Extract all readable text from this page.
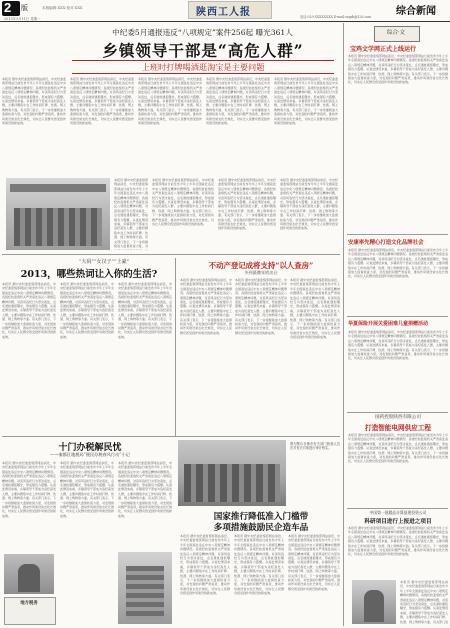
2 版
2013年3月11日 星期一
本版编辑:XXX 校对:XXX	陕西工人报	电话:029-XXXXXXXX E-mail:sxgrb@126.com 综合新闻
中纪委5月通报违反“八项规定”案件256起 曝光361人
乡镇领导干部是“高危人群”
上班时打牌喝酒逛淘宝是主要问题
本报讯 据中央纪委监察部网站消息，中央纪委监察部网站日前发布今年上半年全国查处违反中央八项规定精神问题情况。各级纪检监察机关严肃查处违反八项规定精神问题，对顶风违纪行为坚决查处，点名道姓通报曝光，形成强有力震慑。从查处情况来看，乡镇领导干部成为违纪高发人群，主要问题集中在工作时间打牌、饮酒、网上购物等方面。有关部门表示，下一步将继续加大监督检查力度，对发现的问题严肃追责，推动作风建设常态化长效化，切实让人民群众感受到作风建设的新成效。
本报讯 据中央纪委监察部网站消息，中央纪委监察部网站日前发布今年上半年全国查处违反中央八项规定精神问题情况。各级纪检监察机关严肃查处违反八项规定精神问题，对顶风违纪行为坚决查处，点名道姓通报曝光，形成强有力震慑。从查处情况来看，乡镇领导干部成为违纪高发人群，主要问题集中在工作时间打牌、饮酒、网上购物等方面。有关部门表示，下一步将继续加大监督检查力度，对发现的问题严肃追责，推动作风建设常态化长效化，切实让人民群众感受到作风建设的新成效。
本报讯 据中央纪委监察部网站消息，中央纪委监察部网站日前发布今年上半年全国查处违反中央八项规定精神问题情况。各级纪检监察机关严肃查处违反八项规定精神问题，对顶风违纪行为坚决查处，点名道姓通报曝光，形成强有力震慑。从查处情况来看，乡镇领导干部成为违纪高发人群，主要问题集中在工作时间打牌、饮酒、网上购物等方面。有关部门表示，下一步将继续加大监督检查力度，对发现的问题严肃追责，推动作风建设常态化长效化，切实让人民群众感受到作风建设的新成效。
本报讯 据中央纪委监察部网站消息，中央纪委监察部网站日前发布今年上半年全国查处违反中央八项规定精神问题情况。各级纪检监察机关严肃查处违反八项规定精神问题，对顶风违纪行为坚决查处，点名道姓通报曝光，形成强有力震慑。从查处情况来看，乡镇领导干部成为违纪高发人群，主要问题集中在工作时间打牌、饮酒、网上购物等方面。有关部门表示，下一步将继续加大监督检查力度，对发现的问题严肃追责，推动作风建设常态化长效化，切实让人民群众感受到作风建设的新成效。
本报讯 据中央纪委监察部网站消息，中央纪委监察部网站日前发布今年上半年全国查处违反中央八项规定精神问题情况。各级纪检监察机关严肃查处违反八项规定精神问题，对顶风违纪行为坚决查处，点名道姓通报曝光，形成强有力震慑。从查处情况来看，乡镇领导干部成为违纪高发人群，主要问题集中在工作时间打牌、饮酒、网上购物等方面。有关部门表示，下一步将继续加大监督检查力度，对发现的问题严肃追责，推动作风建设常态化长效化，切实让人民群众感受到作风建设的新成效。
本报讯 据中央纪委监察部网站消息，中央纪委监察部网站日前发布今年上半年全国查处违反中央八项规定精神问题情况。各级纪检监察机关严肃查处违反八项规定精神问题，对顶风违纪行为坚决查处，点名道姓通报曝光，形成强有力震慑。从查处情况来看，乡镇领导干部成为违纪高发人群，主要问题集中在工作时间打牌、饮酒、网上购物等方面。有关部门表示，下一步将继续加大监督检查力度，对
本报讯 据中央纪委监察部网站消息，中央纪委监察部网站日前发布今年上半年全国查处违反中央八项规定精神问题情况。各级纪检监察机关严肃查处违反八项规定精神问题，对顶风违纪行为坚决查处，点名道姓通报曝光，形成强有力震慑。从查处情况来看，乡镇领导干部成为违纪高发人群，主要问题集中在工作时间打牌、饮酒、网上购物等方面。有关部门表示，下一步将继续加大监督检查力度，对发现的问题严肃追责，推动作风建设常态化长效化，切实让人民群众感受到作风建设的新成效。
本报讯 据中央纪委监察部网站消息，中央纪委监察部网站日前发布今年上半年全国查处违反中央八项规定精神问题情况。各级纪检监察机关严肃查处违反八项规定精神问题，对顶风违纪行为坚决查处，点名道姓通报曝光，形成强有力震慑。从查处情况来看，乡镇领导干部成为违纪高发人群，主要问题集中在工作时间打牌、饮酒、网上购物等方面。有关部门表示，下一步将继续加大监督检查力度，对发现的问题严肃追责，推动作风建设常态化长效化，切实让人民群众感受到作风建设的新成效。
本报讯 据中央纪委监察部网站消息，中央纪委监察部网站日前发布今年上半年全国查处违反中央八项规定精神问题情况。各级纪检监察机关严肃查处违反八项规定精神问题，对顶风违纪行为坚决查处，点名道姓通报曝光，形成强有力震慑。从查处情况来看，乡镇领导干部成为违纪高发人群，主要问题集中在工作时间打牌、饮酒、网上购物等方面。有关部门表示，下一步将继续加大监督检查力度，对发现的问题严肃追责，推动作风建设常态化长效化，切实让人民群众感受到作风建设的新成效。
“大码”“女汉子”“土豪”
2013，哪些热词让入你的生活?
本报讯 据中央纪委监察部网站消息，中央纪委监察部网站日前发布今年上半年全国查处违反中央八项规定精神问题情况。各级纪检监察机关严肃查处违反八项规定精神问题，对顶风违纪行为坚决查处，点名道姓通报曝光，形成强有力震慑。从查处情况来看，乡镇领导干部成为违纪高发人群，主要问题集中在工作时间打牌、饮酒、网上购物等方面。有关部门表示，下一步将继续加大监督检查力度，对发现的问题严肃追责，推动作风建设常态化长效化，切实让人民群众感受到作风建设的新成效。
本报讯 据中央纪委监察部网站消息，中央纪委监察部网站日前发布今年上半年全国查处违反中央八项规定精神问题情况。各级纪检监察机关严肃查处违反八项规定精神问题，对顶风违纪行为坚决查处，点名道姓通报曝光，形成强有力震慑。从查处情况来看，乡镇领导干部成为违纪高发人群，主要问题集中在工作时间打牌、饮酒、网上购物等方面。有关部门表示，下一步将继续加大监督检查力度，对发现的问题严肃追责，推动作风建设常态化长效化，切实让人民群众感受到作风建设的新成效。
本报讯 据中央纪委监察部网站消息，中央纪委监察部网站日前发布今年上半年全国查处违反中央八项规定精神问题情况。各级纪检监察机关严肃查处违反八项规定精神问题，对顶风违纪行为坚决查处，点名道姓通报曝光，形成强有力震慑。从查处情况来看，乡镇领导干部成为违纪高发人群，主要问题集中在工作时间打牌、饮酒、网上购物等方面。有关部门表示，下一步将继续加大监督检查力度，对发现的问题严肃追责，推动作风建设常态化长效化，切实让人民群众感受到作风建设的新成效。
不动产登记成将支持“以人查房”
多到最微年底出台
本报讯 据中央纪委监察部网站消息，中央纪委监察部网站日前发布今年上半年全国查处违反中央八项规定精神问题情况。各级纪检监察机关严肃查处违反八项规定精神问题，对顶风违纪行为坚决查处，点名道姓通报曝光，形成强有力震慑。从查处情况来看，乡镇领导干部成为违纪高发人群，主要问题集中在工作时间打牌、饮酒、网上购物等方面。有关部门表示，下一步将继续加大监督检查力度，对发现的问题严肃追责，推动作风建设常态化长效化，切实让人民群众感受到作风建设的新成效。
本报讯 据中央纪委监察部网站消息，中央纪委监察部网站日前发布今年上半年全国查处违反中央八项规定精神问题情况。各级纪检监察机关严肃查处违反八项规定精神问题，对顶风违纪行为坚决查处，点名道姓通报曝光，形成强有力震慑。从查处情况来看，乡镇领导干部成为违纪高发人群，主要问题集中在工作时间打牌、饮酒、网上购物等方面。有关部门表示，下一步将继续加大监督检查力度，对发现的问题严肃追责，推动作风建设常态化长效化，切实让人民群众感受到作风建设的新成效。
本报讯 据中央纪委监察部网站消息，中央纪委监察部网站日前发布今年上半年全国查处违反中央八项规定精神问题情况。各级纪检监察机关严肃查处违反八项规定精神问题，对顶风违纪行为坚决查处，点名道姓通报曝光，形成强有力震慑。从查处情况来看，乡镇领导干部成为违纪高发人群，主要问题集中在工作时间打牌、饮酒、网上购物等方面。有关部门表示，下一步将继续加大监督检查力度，对发现的问题严肃追责，推动作风建设常态化长效化，切实让人民群众感受到作风建设的新成效。
十门办税解民忧
——秦都区地税局“便民办税春风行动”小记
本报讯 据中央纪委监察部网站消息，中央纪委监察部网站日前发布今年上半年全国查处违反中央八项规定精神问题情况。各级纪检监察机关严肃查处违反八项规定精神问题，对顶风违纪行为坚决查处，点名道姓通报曝光，形成强有力震慑。从查处情况来看，乡镇领导干部成为违纪高发人群，主要问题集中在工作时间打牌、饮酒、网上购物等方面。有关部门表示，下一步将继续加大监督检查力度，对发现的问题严肃追责，推动作风建设常态化长效化，切实让人民群众感受到作风建设的新成效。
本报讯 据中央纪委监察部网站消息，中央纪委监察部网站日前发布今年上半年全国查处违反中央八项规定精神问题情况。各级纪检监察机关严肃查处违反八项规定精神问题，对顶风违纪行为坚决查处，点名道姓通报曝光，形成强有力震慑。从查处情况来看，乡镇领导干部成为违纪高发人群，主要问题集中在工作时间打牌、饮酒、网上购物等方面。有关部门表示，下一步将继续加大监督检查力度，对发现的问题严肃追责，推动作风建设常态化长效化，切实让人民群众感受到作风建设的新成效。
本报讯 据中央纪委监察部网站消息，中央纪委监察部网站日前发布今年上半年全国查处违反中央八项规定精神问题情况。各级纪检监察机关严肃查处违反八项规定精神问题，对顶风违纪行为坚决查处，点名道姓通报曝光，形成强有力震慑。从查处情况来看，乡镇领导干部成为违纪高发人群，主要问题集中在工作时间打牌、饮酒、网上购物等方面。有关部门表示，下一步将继续加大监督检查力度，对发现的问题严肃追责，推动作风建设常态化长效化，切实让人民群众感受到作风建设的新成效。
地方税务
图为鄂尔多斯市有关部门督查人员在对有关对象进行审计核实。
国家推行降低准入门槛带
多项措施鼓励民企造车品
本报讯 据中央纪委监察部网站消息，中央纪委监察部网站日前发布今年上半年全国查处违反中央八项规定精神问题情况。各级纪检监察机关严肃查处违反八项规定精神问题，对顶风违纪行为坚决查处，点名道姓通报曝光，形成强有力震慑。从查处情况来看，乡镇领导干部成为违纪高发人群，主要问题集中在工作时间打牌、饮酒、网上购物等方面。有关部门表示，下一步将继续加大监督检查力度，对发现的问题严肃追责，推动作风建设常态化长效化，切实让人民群众感受到作风建设的新成效。
本报讯 据中央纪委监察部网站消息，中央纪委监察部网站日前发布今年上半年全国查处违反中央八项规定精神问题情况。各级纪检监察机关严肃查处违反八项规定精神问题，对顶风违纪行为坚决查处，点名道姓通报曝光，形成强有力震慑。从查处情况来看，乡镇领导干部成为违纪高发人群，主要问题集中在工作时间打牌、饮酒、网上购物等方面。有关部门表示，下一步将继续加大监督检查力度，对发现的问题严肃追责，推动作风建设常态化长效化，切实让人民群众感受到作风建设的新成效。
本报讯 据中央纪委监察部网站消息，中央纪委监察部网站日前发布今年上半年全国查处违反中央八项规定精神问题情况。各级纪检监察机关严肃查处违反八项规定精神问题，对顶风违纪行为坚决查处，点名道姓通报曝光，形成强有力震慑。从查处情况来看，乡镇领导干部成为违纪高发人群，主要问题集中在工作时间打牌、饮酒、网上购物等方面。有关部门表示，下一步将继续加大监督检查力度，对发现的问题严肃追责，推动作风建设常态化长效化，切实让人民群众感受到作风建设的新成效。
综合·文
宝鸡文学网正式上线运行
本报讯 据中央纪委监察部网站消息，中央纪委监察部网站日前发布今年上半年全国查处违反中央八项规定精神问题情况。各级纪检监察机关严肃查处违反八项规定精神问题，对顶风违纪行为坚决查处，点名道姓通报曝光，形成强有力震慑。从查处情况来看，乡镇领导干部成为违纪高发人群，主要问题集中在工作时间打牌、饮酒、网上购物等方面。有关部门表示，下一步将继续加大监督检查力度，对发现的问题严肃追责，推动作风建设常态化长效化，切实让人民群众感受到作风建设的新成效。
安康率先精心打造文化品牌社会
本报讯 据中央纪委监察部网站消息，中央纪委监察部网站日前发布今年上半年全国查处违反中央八项规定精神问题情况。各级纪检监察机关严肃查处违反八项规定精神问题，对顶风违纪行为坚决查处，点名道姓通报曝光，形成强有力震慑。从查处情况来看，乡镇领导干部成为违纪高发人群，主要问题集中在工作时间打牌、饮酒、网上购物等方面。有关部门表示，下一步将继续加大监督检查力度，对发现的问题严肃追责，推动作风建设常态化长效化，切实让人民群众感受到作风建设的新成效。
华夏保险开展关爱困难儿童捐赠活动
本报讯 据中央纪委监察部网站消息，中央纪委监察部网站日前发布今年上半年全国查处违反中央八项规定精神问题情况。各级纪检监察机关严肃查处违反八项规定精神问题，对顶风违纪行为坚决查处，点名道姓通报曝光，形成强有力震慑。从查处情况来看，乡镇领导干部成为违纪高发人群，主要问题集中在工作时间打牌、饮酒、网上购物等方面。有关部门表示，下一步将继续加大监督检查力度，对发现的问题严肃追责，推动作风建设常态化长效化，切实让人民群众感受到作风建设的新成效。
国药控股陕西有限公司
打造智能电网供应工程
本报讯 据中央纪委监察部网站消息，中央纪委监察部网站日前发布今年上半年全国查处违反中央八项规定精神问题情况。各级纪检监察机关严肃查处违反八项规定精神问题，对顶风违纪行为坚决查处，点名道姓通报曝光，形成强有力震慑。从查处情况来看，乡镇领导干部成为违纪高发人群，主要问题集中在工作时间打牌、饮酒、网上购物等方面。有关部门表示，下一步将继续加大监督检查力度，对发现的问题严肃追责，推动作风建设常态化长效化，切实让人民群众感受到作风建设的新成效。
中国第一批精品计算基建投资公司
科研项目进行上报进之项目
本报讯 据中央纪委监察部网站消息，中央纪委监察部网站日前发布今年上半年全国查处违反中央八项规定精神问题情况。各级纪检监察机关严肃查处违反八项规定精神问题，对顶风违纪行为坚决查处，点名道姓通报曝光，形成强有力震慑。从查处情况来看，乡镇领导干部成为违纪高发人群，主要问题集中在工作时间打牌、饮酒、网上购物等方面。有关部门表示，下一步将继续加大监督检查力度，对发现的问题严肃追责，推动作风建设常态化长效化，切实让人民群众感受到作风建设的新成效。
本报讯 据中央纪委监察部网站消息，中央纪委监察部网站日前发布今年上半年全国查处违反中央八项规定精神问题情况。各级纪检监察机关严肃查处违反八项规定精神问题，对顶风违纪行为坚决查处，点名道姓通报曝光，形成强有力震慑。从查处情况来看，乡镇领导干部成为违纪高发人群，主要问题集中在工作时间打牌、饮酒、网上购物等方面。有关部门表
